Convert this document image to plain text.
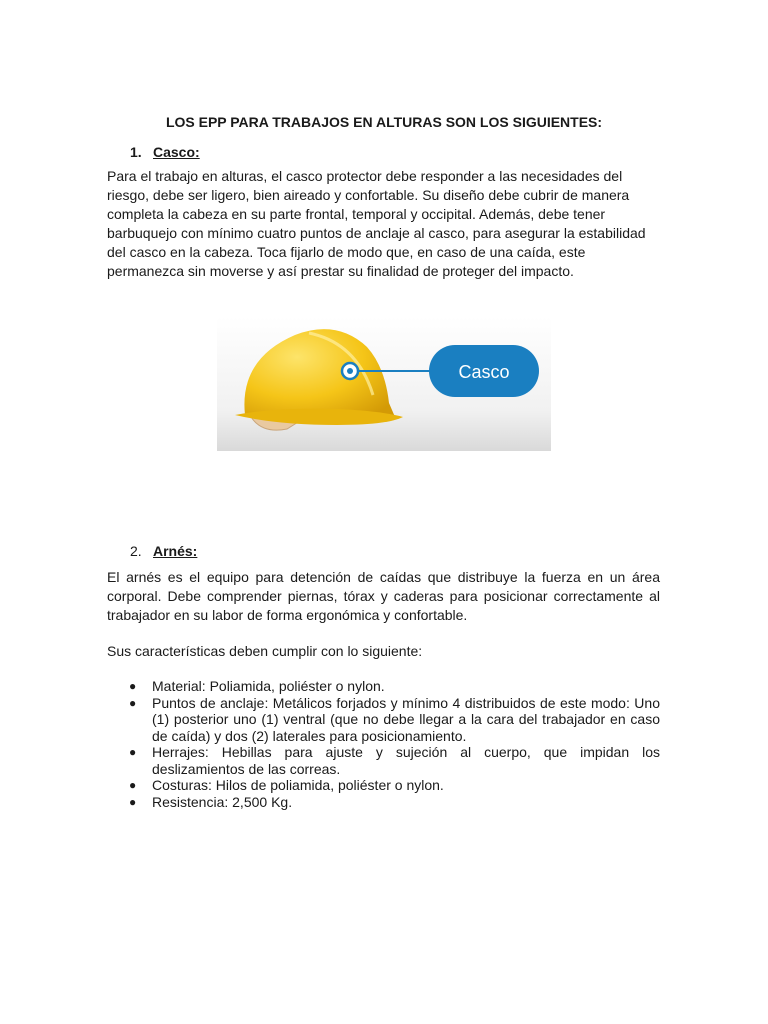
LOS EPP PARA TRABAJOS EN ALTURAS SON LOS SIGUIENTES:
1. Casco:

Para el trabajo en alturas, el casco protector debe responder a las necesidades del riesgo, debe ser ligero, bien aireado y confortable. Su diseño debe cubrir de manera completa la cabeza en su parte frontal, temporal y occipital. Además, debe tener barbuquejo con mínimo cuatro puntos de anclaje al casco, para asegurar la estabilidad del casco en la cabeza. Toca fijarlo de modo que, en caso de una caída, este permanezca sin moverse y así prestar su finalidad de proteger del impacto.

Casco
2. Arnés:

El arnés es el equipo para detención de caídas que distribuye la fuerza en un área corporal. Debe comprender piernas, tórax y caderas para posicionar correctamente al trabajador en su labor de forma ergonómica y confortable.

Sus características deben cumplir con lo siguiente:

● Material: Poliamida, poliéster o nylon.
● Puntos de anclaje: Metálicos forjados y mínimo 4 distribuidos de este modo: Uno (1) posterior uno (1) ventral (que no debe llegar a la cara del trabajador en caso de caída) y dos (2) laterales para posicionamiento.
● Herrajes: Hebillas para ajuste y sujeción al cuerpo, que impidan los deslizamientos de las correas.
● Costuras: Hilos de poliamida, poliéster o nylon.
● Resistencia: 2,500 Kg.
